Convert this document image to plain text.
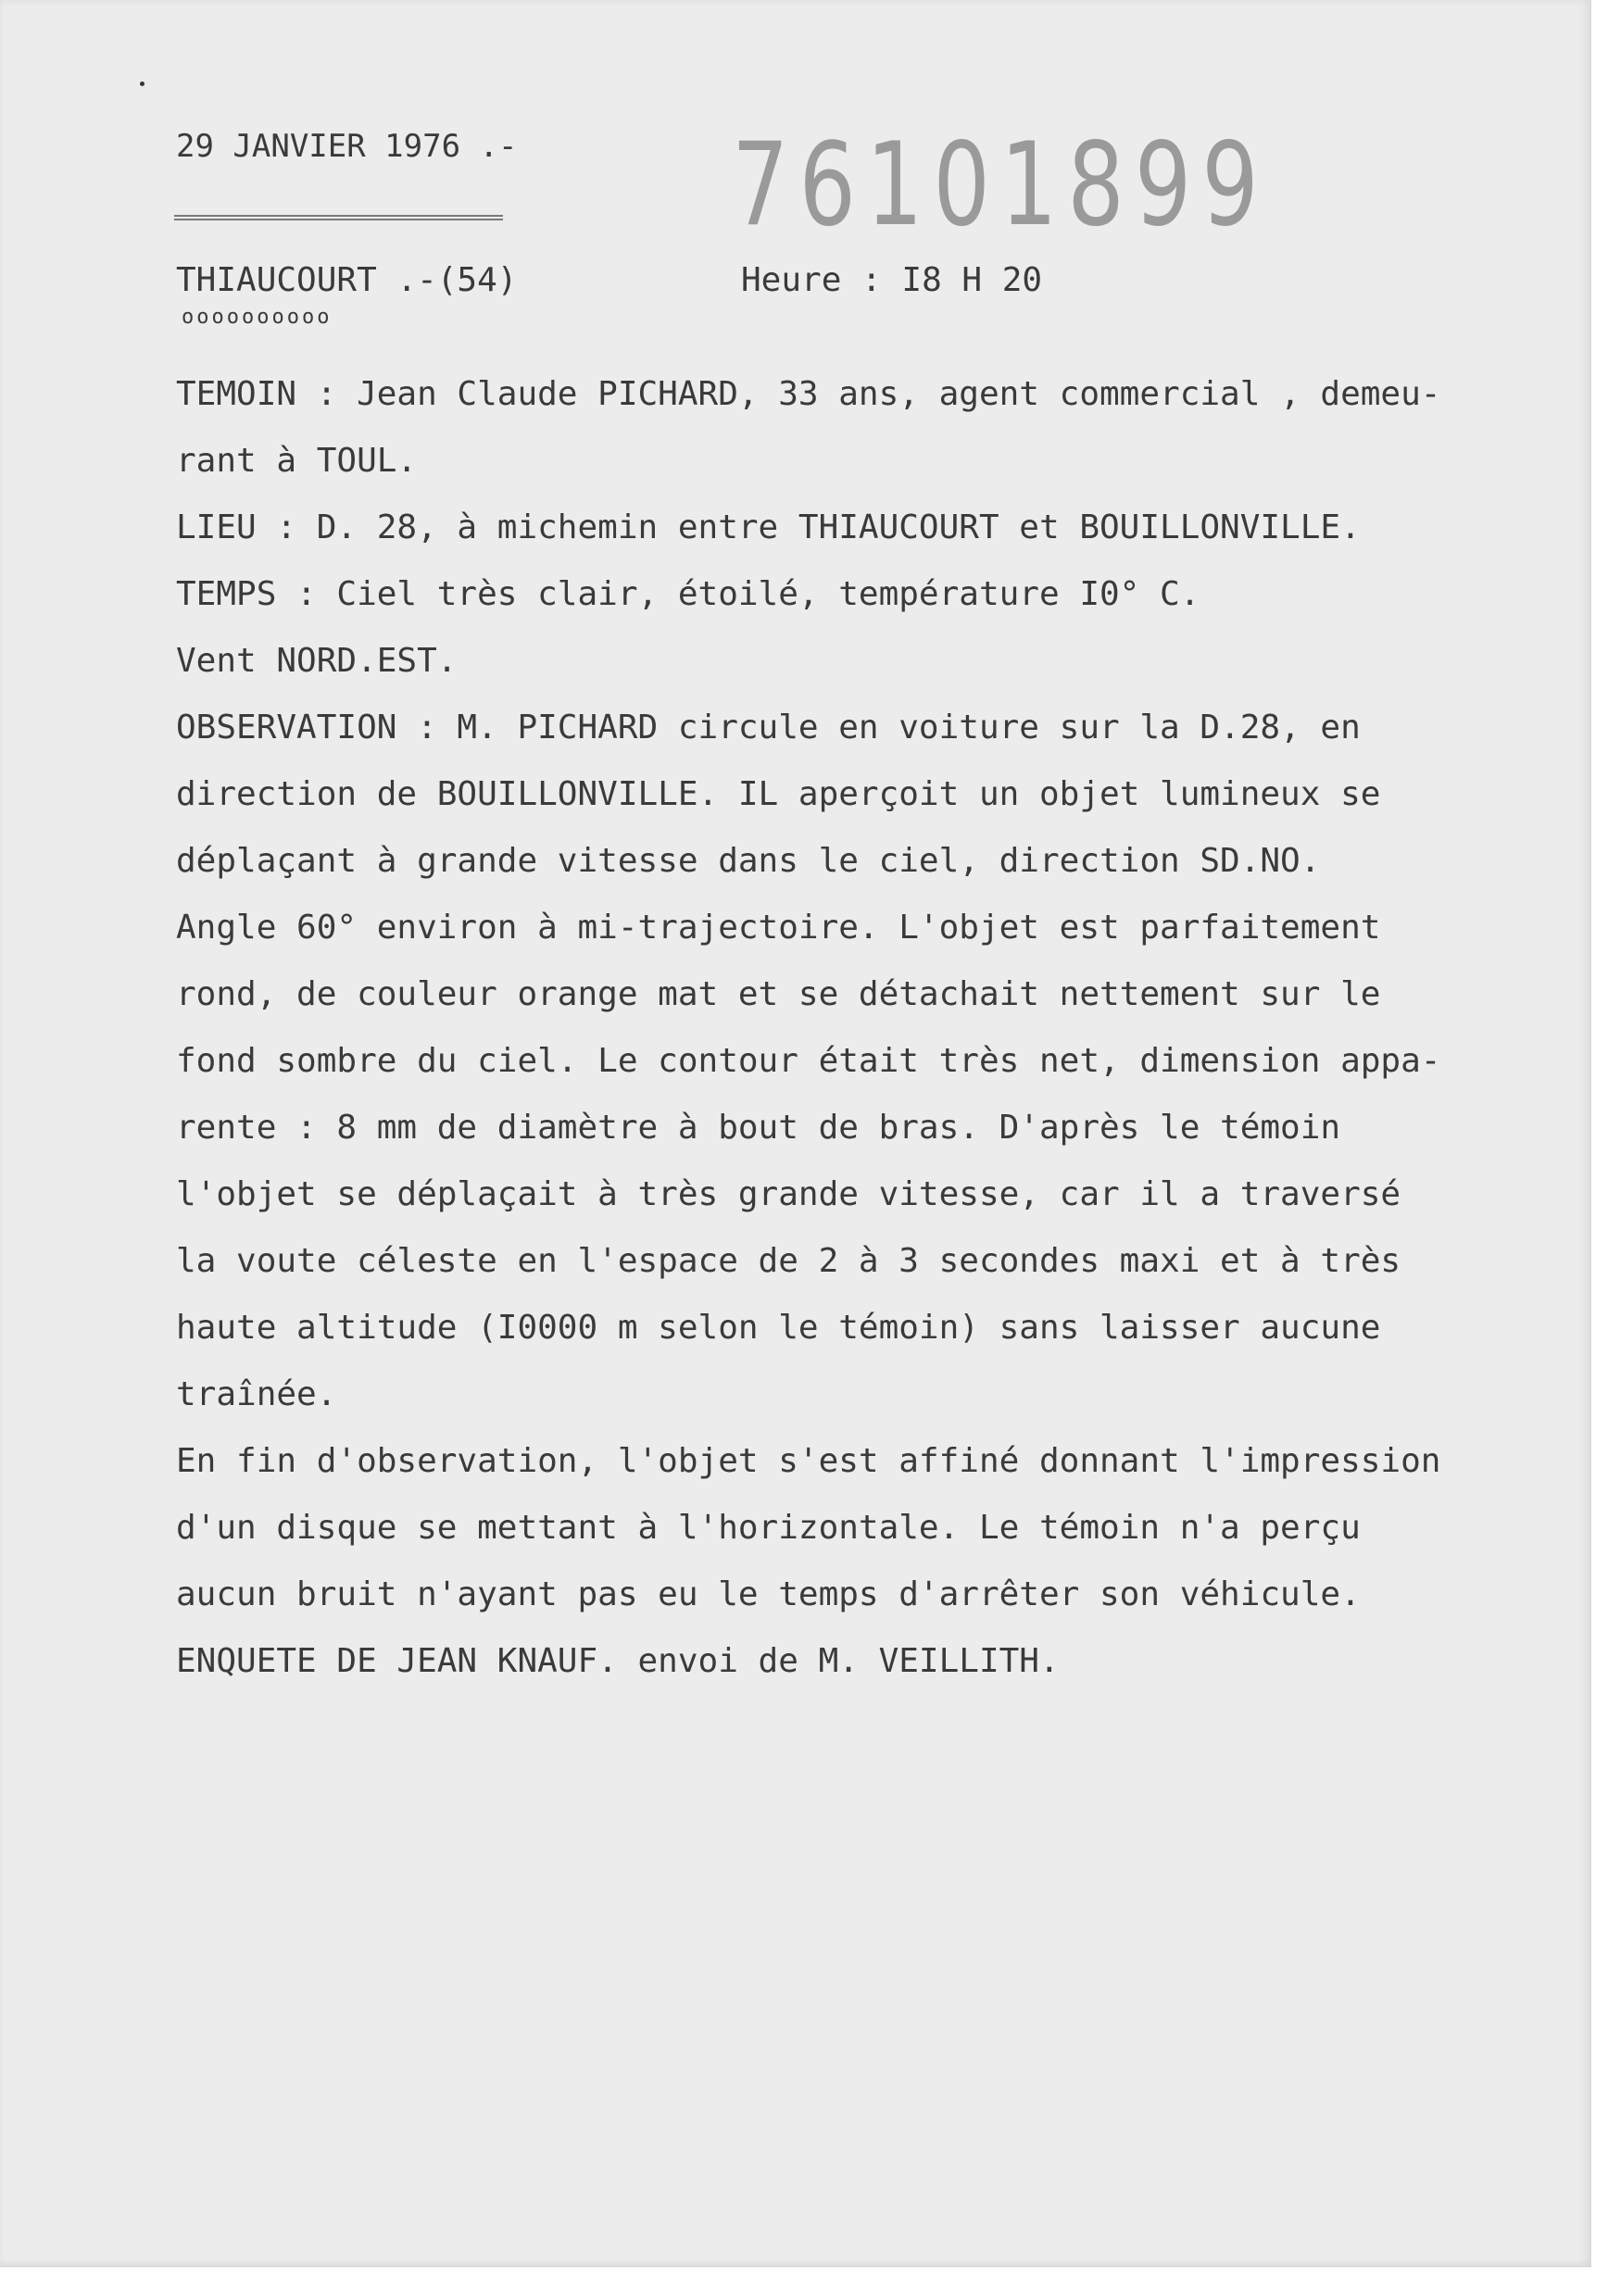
29 JANVIER 1976 .- 76101899
THIAUCOURT .-(54)
oooooooooo
Heure : I8 H 20
TEMOIN : Jean Claude PICHARD, 33 ans, agent commercial , demeu-
rant à TOUL.
LIEU : D. 28, à michemin entre THIAUCOURT et BOUILLONVILLE.
TEMPS : Ciel très clair, étoilé, température I0° C.
Vent NORD.EST.
OBSERVATION : M. PICHARD circule en voiture sur la D.28, en
direction de BOUILLONVILLE. IL aperçoit un objet lumineux se
déplaçant à grande vitesse dans le ciel, direction SD.NO.
Angle 60° environ à mi-trajectoire. L'objet est parfaitement
rond, de couleur orange mat et se détachait nettement sur le
fond sombre du ciel. Le contour était très net, dimension appa-
rente : 8 mm de diamètre à bout de bras. D'après le témoin
l'objet se déplaçait à très grande vitesse, car il a traversé
la voute céleste en l'espace de 2 à 3 secondes maxi et à très
haute altitude (I0000 m selon le témoin) sans laisser aucune
traînée.
En fin d'observation, l'objet s'est affiné donnant l'impression
d'un disque se mettant à l'horizontale. Le témoin n'a perçu
aucun bruit n'ayant pas eu le temps d'arrêter son véhicule.
ENQUETE DE JEAN KNAUF. envoi de M. VEILLITH.
